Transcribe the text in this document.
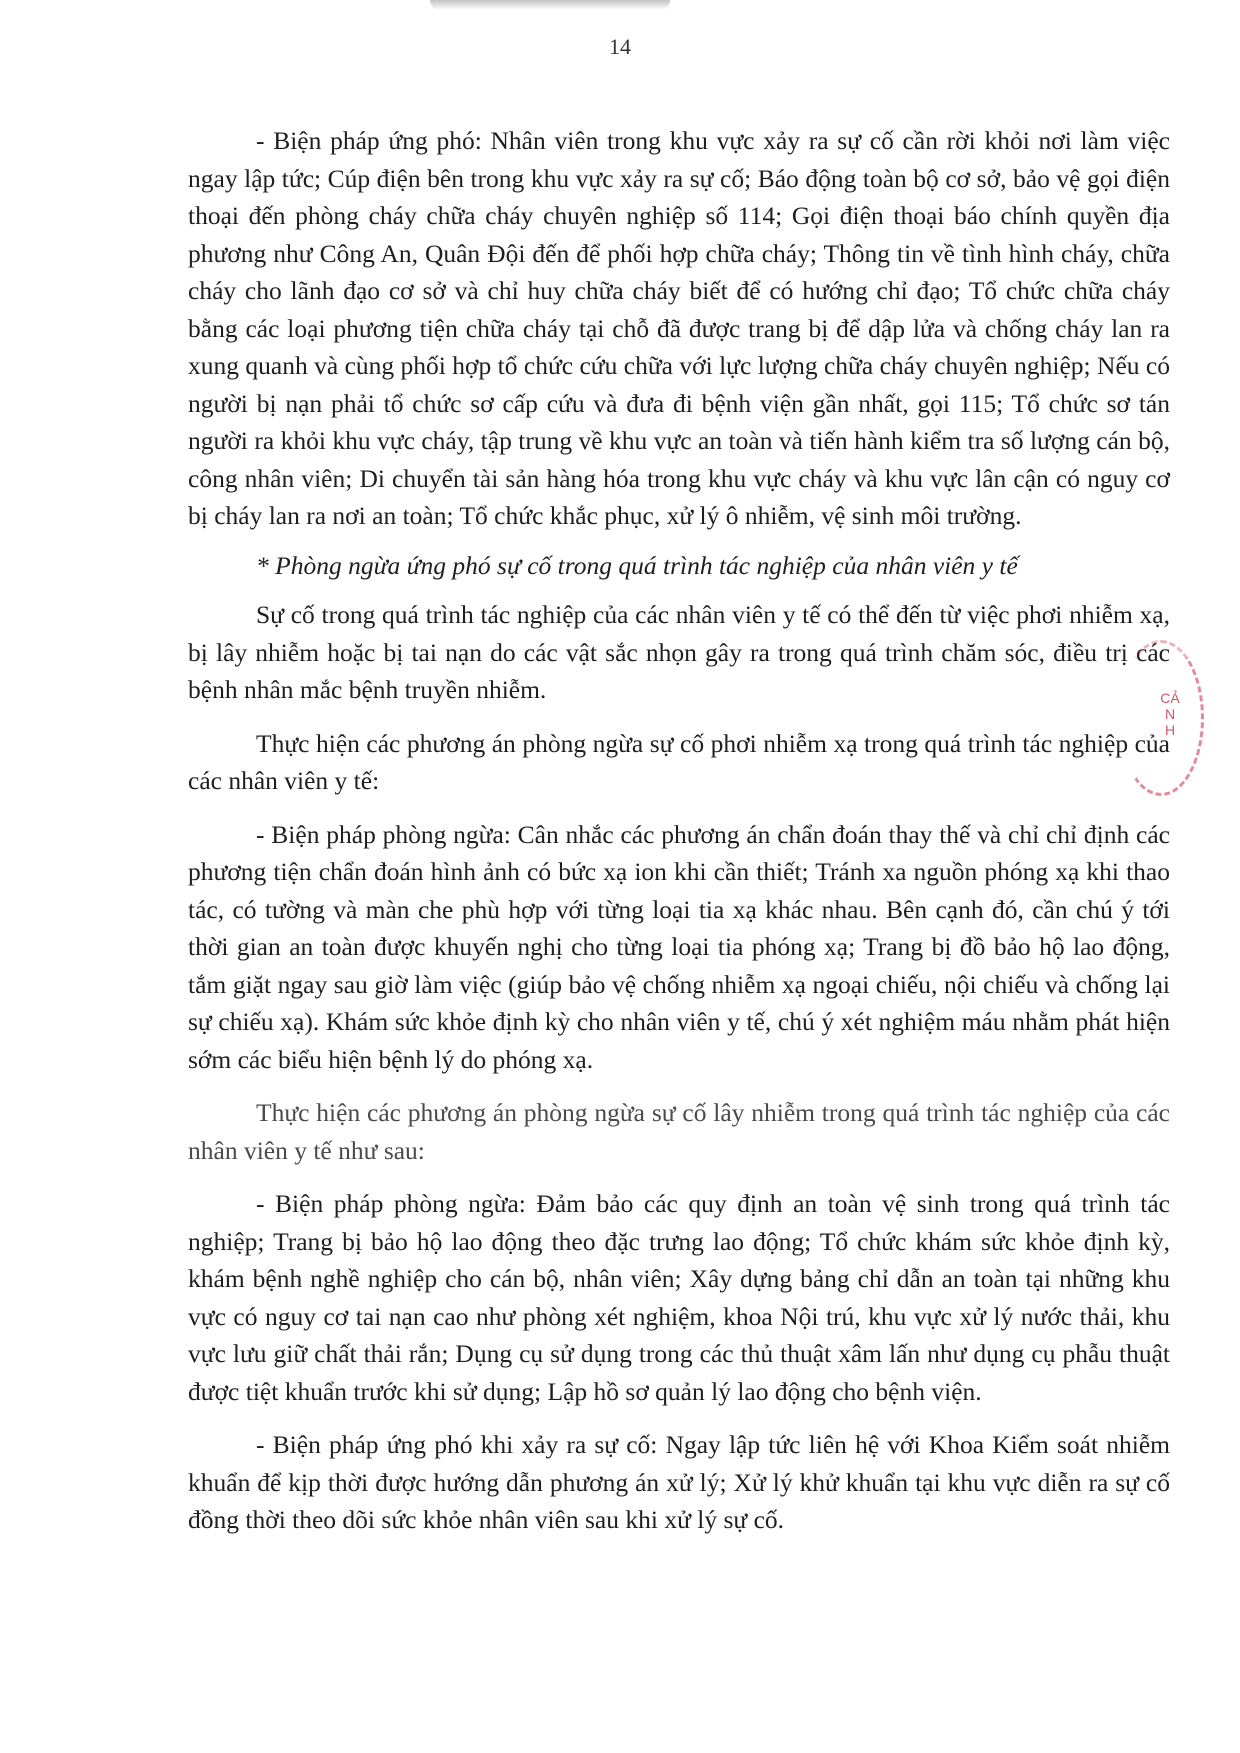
14

- Biện pháp ứng phó: Nhân viên trong khu vực xảy ra sự cố cần rời khỏi nơi làm việc ngay lập tức; Cúp điện bên trong khu vực xảy ra sự cố; Báo động toàn bộ cơ sở, bảo vệ gọi điện thoại đến phòng cháy chữa cháy chuyên nghiệp số 114; Gọi điện thoại báo chính quyền địa phương như Công An, Quân Đội đến để phối hợp chữa cháy; Thông tin về tình hình cháy, chữa cháy cho lãnh đạo cơ sở và chỉ huy chữa cháy biết để có hướng chỉ đạo; Tổ chức chữa cháy bằng các loại phương tiện chữa cháy tại chỗ đã được trang bị để dập lửa và chống cháy lan ra xung quanh và cùng phối hợp tổ chức cứu chữa với lực lượng chữa cháy chuyên nghiệp; Nếu có người bị nạn phải tổ chức sơ cấp cứu và đưa đi bệnh viện gần nhất, gọi 115; Tổ chức sơ tán người ra khỏi khu vực cháy, tập trung về khu vực an toàn và tiến hành kiểm tra số lượng cán bộ, công nhân viên; Di chuyển tài sản hàng hóa trong khu vực cháy và khu vực lân cận có nguy cơ bị cháy lan ra nơi an toàn; Tổ chức khắc phục, xử lý ô nhiễm, vệ sinh môi trường.

* Phòng ngừa ứng phó sự cố trong quá trình tác nghiệp của nhân viên y tế

Sự cố trong quá trình tác nghiệp của các nhân viên y tế có thể đến từ việc phơi nhiễm xạ, bị lây nhiễm hoặc bị tai nạn do các vật sắc nhọn gây ra trong quá trình chăm sóc, điều trị các bệnh nhân mắc bệnh truyền nhiễm.

Thực hiện các phương án phòng ngừa sự cố phơi nhiễm xạ trong quá trình tác nghiệp của các nhân viên y tế:

- Biện pháp phòng ngừa: Cân nhắc các phương án chẩn đoán thay thế và chỉ chỉ định các phương tiện chẩn đoán hình ảnh có bức xạ ion khi cần thiết; Tránh xa nguồn phóng xạ khi thao tác, có tường và màn che phù hợp với từng loại tia xạ khác nhau. Bên cạnh đó, cần chú ý tới thời gian an toàn được khuyến nghị cho từng loại tia phóng xạ; Trang bị đồ bảo hộ lao động, tắm giặt ngay sau giờ làm việc (giúp bảo vệ chống nhiễm xạ ngoại chiếu, nội chiếu và chống lại sự chiếu xạ). Khám sức khỏe định kỳ cho nhân viên y tế, chú ý xét nghiệm máu nhằm phát hiện sớm các biểu hiện bệnh lý do phóng xạ.

Thực hiện các phương án phòng ngừa sự cố lây nhiễm trong quá trình tác nghiệp của các nhân viên y tế như sau:

- Biện pháp phòng ngừa: Đảm bảo các quy định an toàn vệ sinh trong quá trình tác nghiệp; Trang bị bảo hộ lao động theo đặc trưng lao động; Tổ chức khám sức khỏe định kỳ, khám bệnh nghề nghiệp cho cán bộ, nhân viên; Xây dựng bảng chỉ dẫn an toàn tại những khu vực có nguy cơ tai nạn cao như phòng xét nghiệm, khoa Nội trú, khu vực xử lý nước thải, khu vực lưu giữ chất thải rắn; Dụng cụ sử dụng trong các thủ thuật xâm lấn như dụng cụ phẫu thuật được tiệt khuẩn trước khi sử dụng; Lập hồ sơ quản lý lao động cho bệnh viện.

- Biện pháp ứng phó khi xảy ra sự cố: Ngay lập tức liên hệ với Khoa Kiểm soát nhiễm khuẩn để kịp thời được hướng dẫn phương án xử lý; Xử lý khử khuẩn tại khu vực diễn ra sự cố đồng thời theo dõi sức khỏe nhân viên sau khi xử lý sự cố.

CẢNH
